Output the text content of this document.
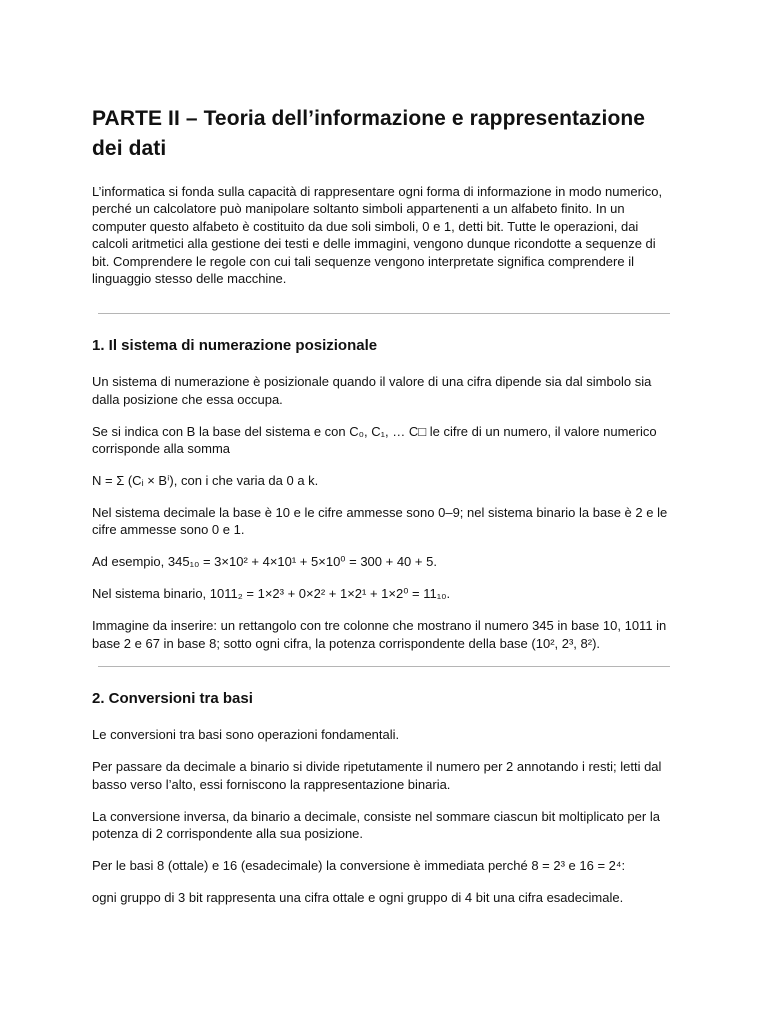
PARTE II – Teoria dell’informazione e rappresentazione dei dati

L’informatica si fonda sulla capacità di rappresentare ogni forma di informazione in modo numerico, perché un calcolatore può manipolare soltanto simboli appartenenti a un alfabeto finito. In un computer questo alfabeto è costituito da due soli simboli, 0 e 1, detti bit. Tutte le operazioni, dai calcoli aritmetici alla gestione dei testi e delle immagini, vengono dunque ricondotte a sequenze di bit. Comprendere le regole con cui tali sequenze vengono interpretate significa comprendere il linguaggio stesso delle macchine.

1. Il sistema di numerazione posizionale

Un sistema di numerazione è posizionale quando il valore di una cifra dipende sia dal simbolo sia dalla posizione che essa occupa.

Se si indica con B la base del sistema e con C₀, C₁, … C□ le cifre di un numero, il valore numerico corrisponde alla somma

N = Σ (Cᵢ × Bⁱ), con i che varia da 0 a k.

Nel sistema decimale la base è 10 e le cifre ammesse sono 0–9; nel sistema binario la base è 2 e le cifre ammesse sono 0 e 1.

Ad esempio, 345₁₀ = 3×10² + 4×10¹ + 5×10⁰ = 300 + 40 + 5.

Nel sistema binario, 1011₂ = 1×2³ + 0×2² + 1×2¹ + 1×2⁰ = 11₁₀.

Immagine da inserire: un rettangolo con tre colonne che mostrano il numero 345 in base 10, 1011 in base 2 e 67 in base 8; sotto ogni cifra, la potenza corrispondente della base (10², 2³, 8²).

2. Conversioni tra basi

Le conversioni tra basi sono operazioni fondamentali.

Per passare da decimale a binario si divide ripetutamente il numero per 2 annotando i resti; letti dal basso verso l’alto, essi forniscono la rappresentazione binaria.

La conversione inversa, da binario a decimale, consiste nel sommare ciascun bit moltiplicato per la potenza di 2 corrispondente alla sua posizione.

Per le basi 8 (ottale) e 16 (esadecimale) la conversione è immediata perché 8 = 2³ e 16 = 2⁴:

ogni gruppo di 3 bit rappresenta una cifra ottale e ogni gruppo di 4 bit una cifra esadecimale.
